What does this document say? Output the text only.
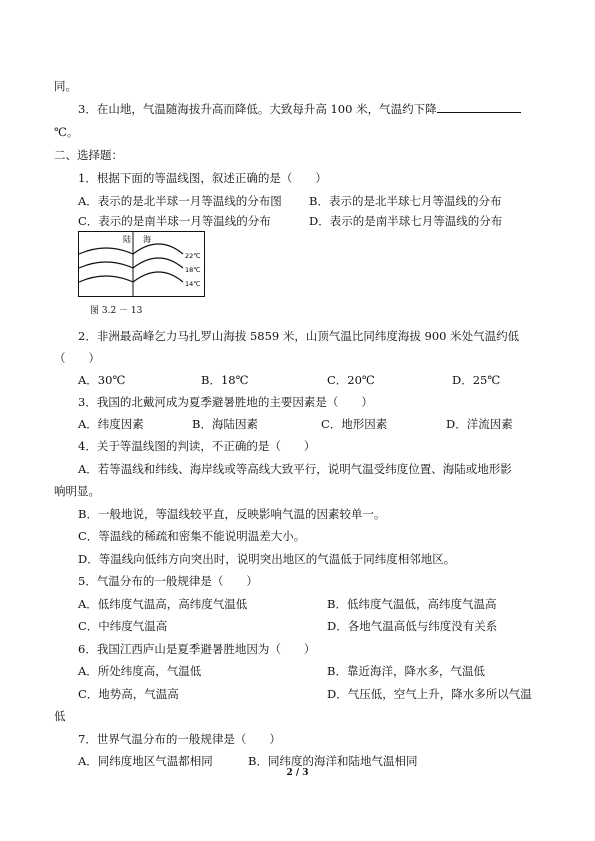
同。
3．在山地，气温随海拔升高而降低。大致每升高 100 米，气温约下降
℃。
二、选择题：
1．根据下面的等温线图，叙述正确的是（　　）
A．表示的是北半球一月等温线的分布图 B．表示的是北半球七月等温线的分布
C．表示的是南半球一月等温线的分布	D．表示的是南半球七月等温线的分布
陆 海
22℃
18℃
14℃
图 3.2 － 13
2．非洲最高峰乞力马扎罗山海拔 5859 米，山顶气温比同纬度海拔 900 米处气温约低
（　　）
A．30℃	B．18℃	C．20℃	D．25℃
3．我国的北戴河成为夏季避暑胜地的主要因素是（　　）
A．纬度因素	B．海陆因素	C．地形因素	D．洋流因素
4．关于等温线图的判读，不正确的是（　　）
A．若等温线和纬线、海岸线或等高线大致平行，说明气温受纬度位置、海陆或地形影
响明显。
B．一般地说，等温线较平直，反映影响气温的因素较单一。
C．等温线的稀疏和密集不能说明温差大小。
D．等温线向低纬方向突出时，说明突出地区的气温低于同纬度相邻地区。
5．气温分布的一般规律是（　　）
A．低纬度气温高，高纬度气温低	B．低纬度气温低，高纬度气温高
C．中纬度气温高	D．各地气温高低与纬度没有关系
6．我国江西庐山是夏季避暑胜地因为（　　）
A．所处纬度高，气温低	B．靠近海洋，降水多，气温低
C．地势高，气温高	D．气压低，空气上升，降水多所以气温
低
7．世界气温分布的一般规律是（　　）
A．同纬度地区气温都相同	B．同纬度的海洋和陆地气温相同
2 / 3
